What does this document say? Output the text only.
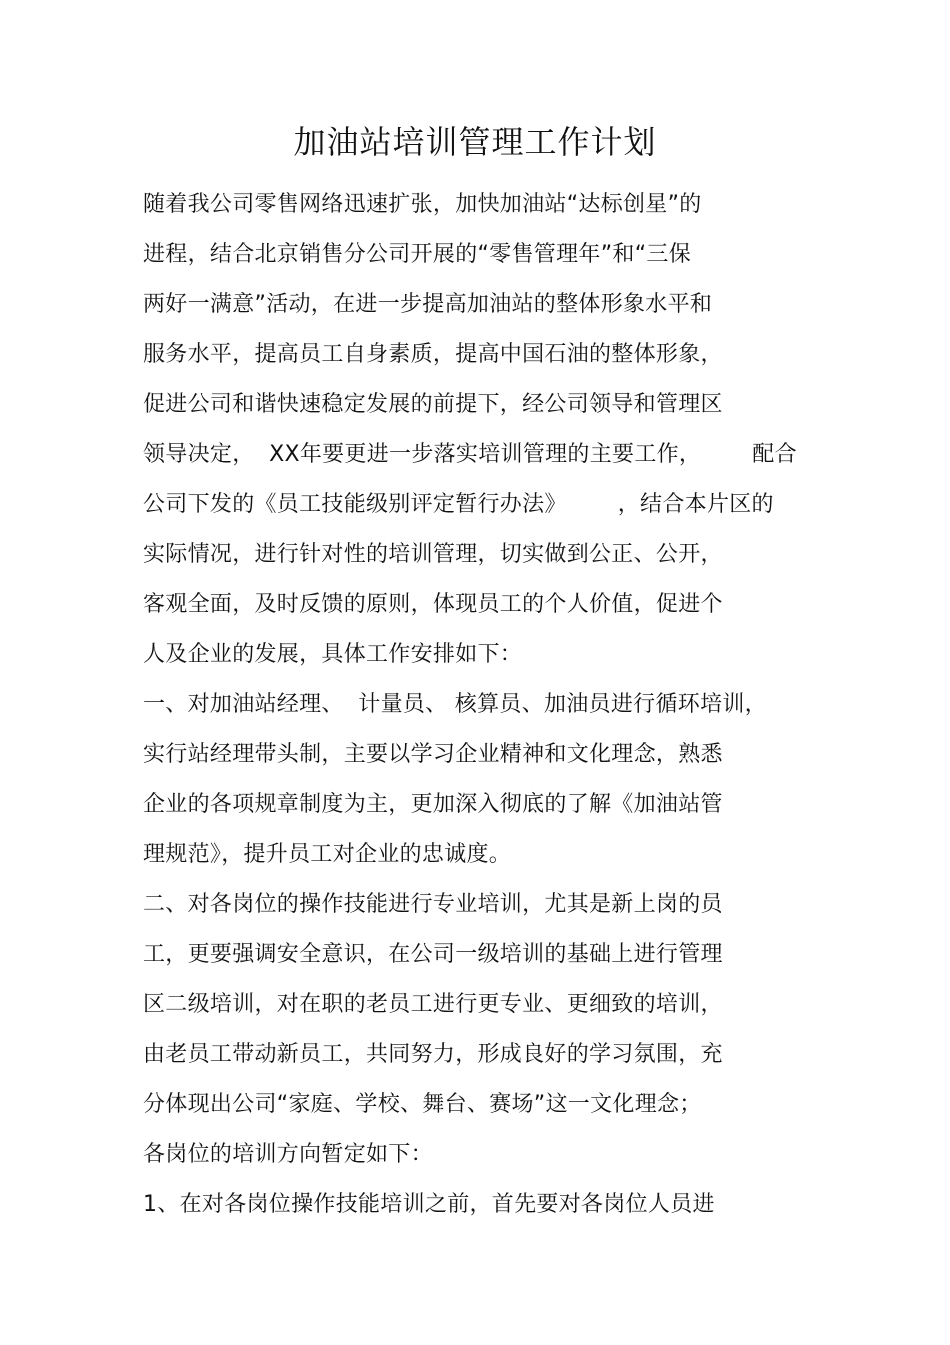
加油站培训管理工作计划
随着我公司零售网络迅速扩张，加快加油站“达标创星”的
进程，结合北京销售分公司开展的“零售管理年”和“三保
两好一满意”活动，在进一步提高加油站的整体形象水平和
服务水平，提高员工自身素质，提高中国石油的整体形象，
促进公司和谐快速稳定发展的前提下，经公司领导和管理区
领导决定，  XX年要更进一步落实培训管理的主要工作，       配合
公司下发的《员工技能级别评定暂行办法》       ，结合本片区的
实际情况，进行针对性的培训管理，切实做到公正、公开，
客观全面，及时反馈的原则，体现员工的个人价值，促进个
人及企业的发展，具体工作安排如下：
一、对加油站经理、  计量员、 核算员、加油员进行循环培训，
实行站经理带头制，主要以学习企业精神和文化理念，熟悉
企业的各项规章制度为主，更加深入彻底的了解《加油站管
理规范》，提升员工对企业的忠诚度。
二、对各岗位的操作技能进行专业培训，尤其是新上岗的员
工，更要强调安全意识，在公司一级培训的基础上进行管理
区二级培训，对在职的老员工进行更专业、更细致的培训，
由老员工带动新员工，共同努力，形成良好的学习氛围，充
分体现出公司“家庭、学校、舞台、赛场”这一文化理念；
各岗位的培训方向暂定如下：
1、在对各岗位操作技能培训之前，首先要对各岗位人员进
